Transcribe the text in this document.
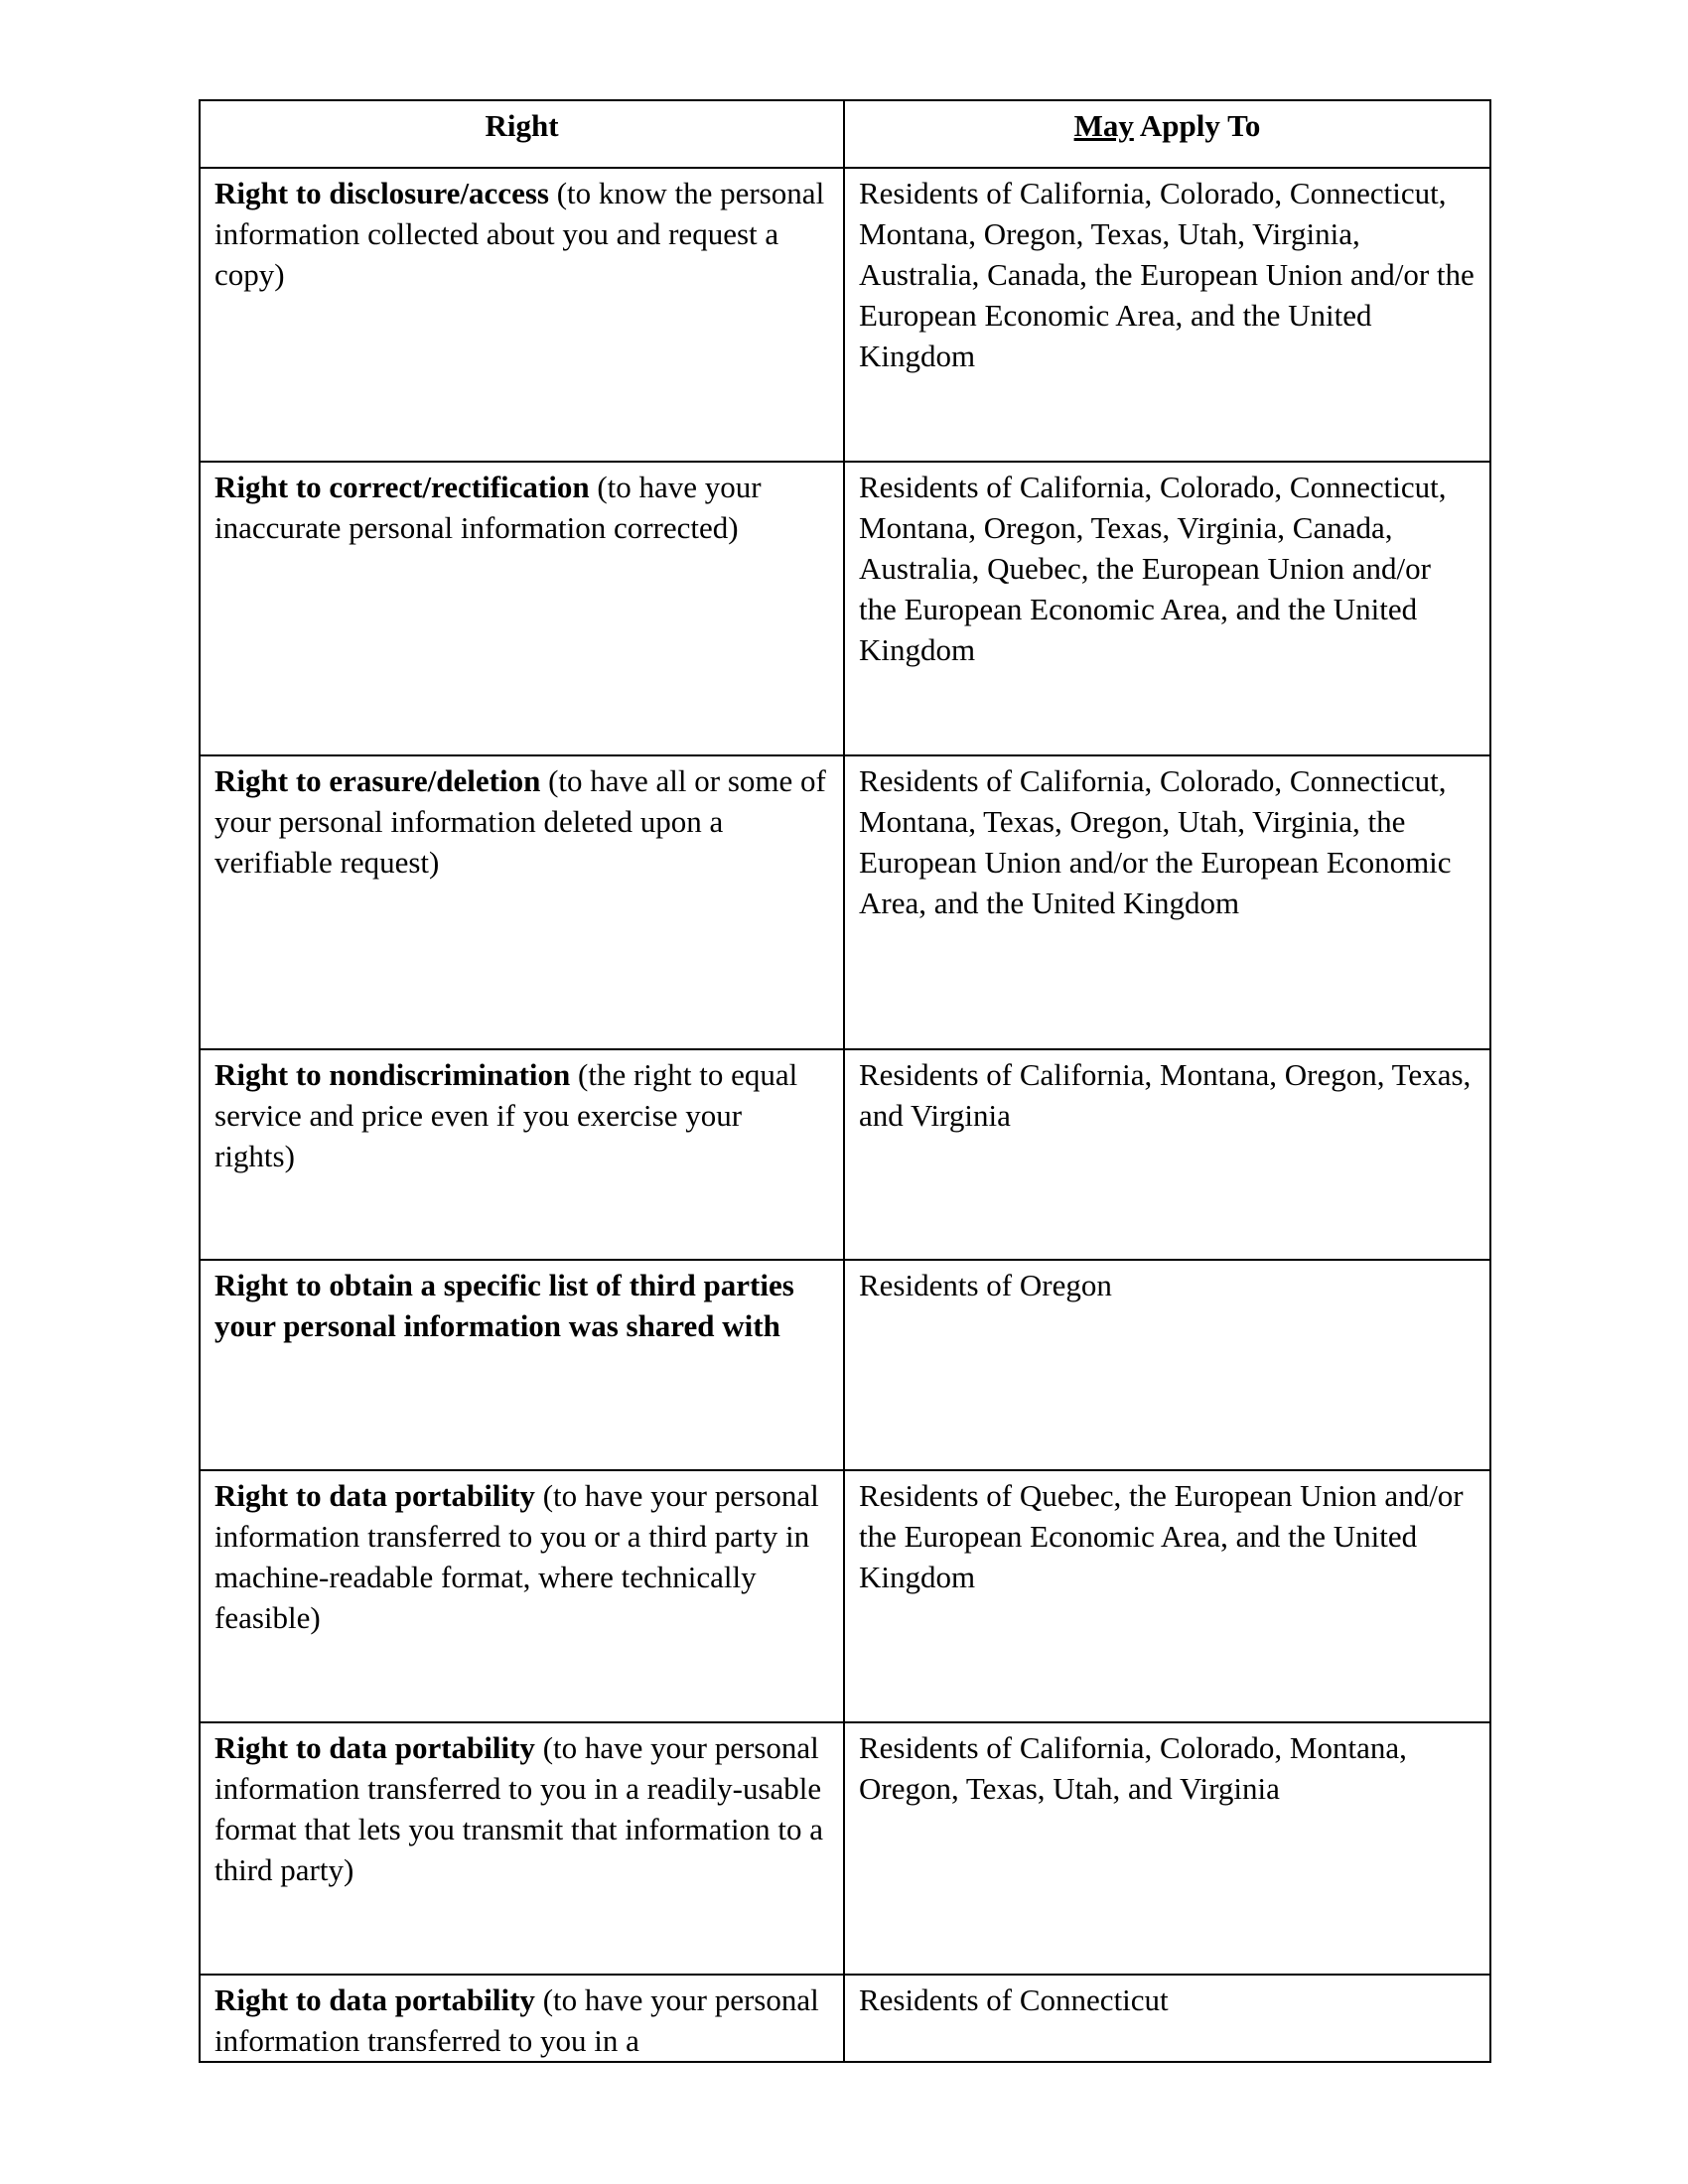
Right	May Apply To

Right to disclosure/access (to know the personal information collected about you and request a copy)	Residents of California, Colorado, Connecticut, Montana, Oregon, Texas, Utah, Virginia, Australia, Canada, the European Union and/or the European Economic Area, and the United Kingdom

Right to correct/rectification (to have your inaccurate personal information corrected)	Residents of California, Colorado, Connecticut, Montana, Oregon, Texas, Virginia, Canada, Australia, Quebec, the European Union and/or the European Economic Area, and the United Kingdom

Right to erasure/deletion (to have all or some of your personal information deleted upon a verifiable request)	Residents of California, Colorado, Connecticut, Montana, Texas, Oregon, Utah, Virginia, the European Union and/or the European Economic Area, and the United Kingdom

Right to nondiscrimination (the right to equal service and price even if you exercise your rights)	Residents of California, Montana, Oregon, Texas, and Virginia

Right to obtain a specific list of third parties your personal information was shared with	Residents of Oregon

Right to data portability (to have your personal information transferred to you or a third party in machine-readable format, where technically feasible)	Residents of Quebec, the European Union and/or the European Economic Area, and the United Kingdom

Right to data portability (to have your personal information transferred to you in a readily-usable format that lets you transmit that information to a third party)	Residents of California, Colorado, Montana, Oregon, Texas, Utah, and Virginia

Right to data portability (to have your personal information transferred to you in a	Residents of Connecticut
